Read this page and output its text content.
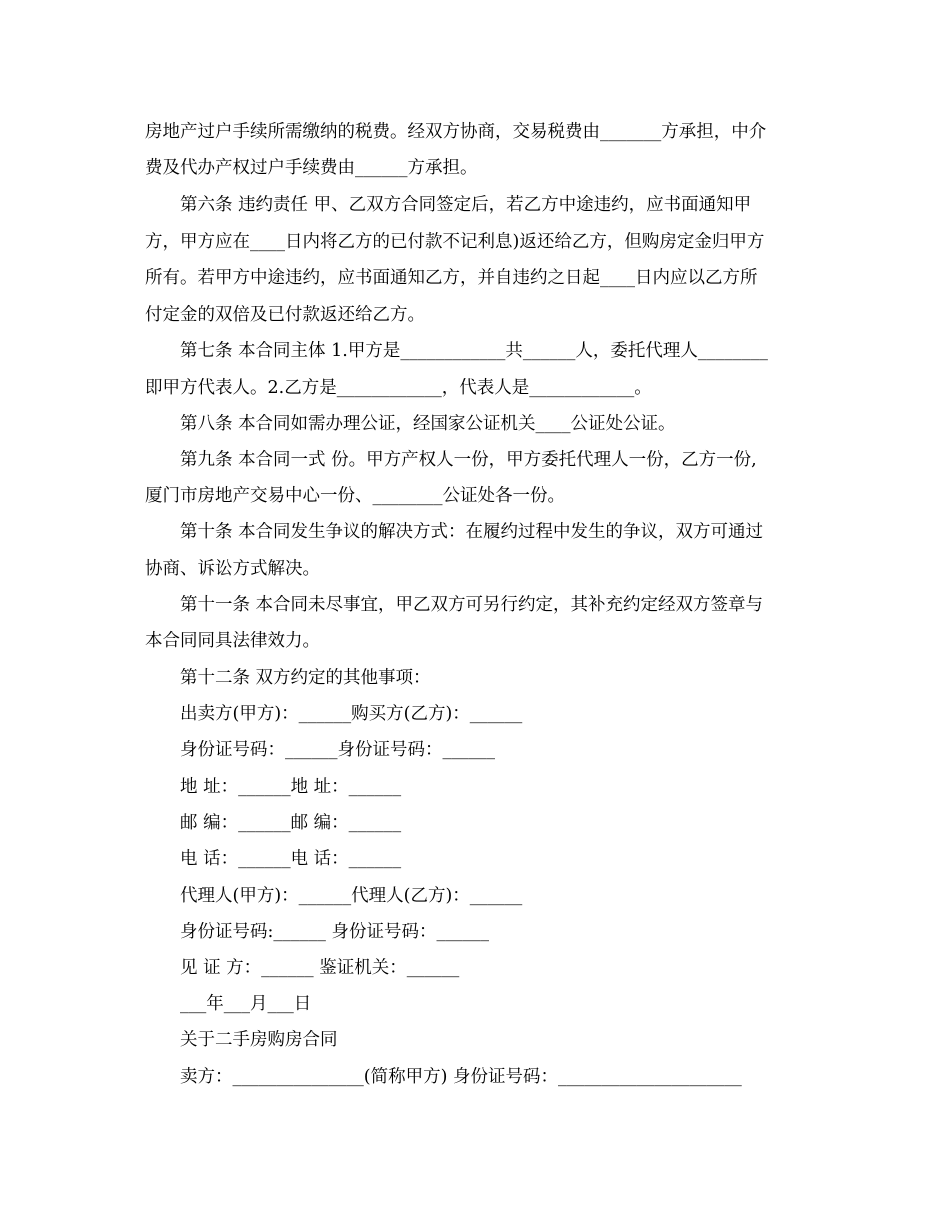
房地产过户手续所需缴纳的税费。经双方协商，交易税费由_______方承担，中介
费及代办产权过户手续费由______方承担。
第六条 违约责任 甲、乙双方合同签定后，若乙方中途违约，应书面通知甲
方，甲方应在____日内将乙方的已付款不记利息)返还给乙方，但购房定金归甲方
所有。若甲方中途违约，应书面通知乙方，并自违约之日起____日内应以乙方所
付定金的双倍及已付款返还给乙方。
第七条 本合同主体 1.甲方是____________共______人，委托代理人________
即甲方代表人。2.乙方是____________，代表人是____________。
第八条 本合同如需办理公证，经国家公证机关____公证处公证。
第九条 本合同一式 份。甲方产权人一份，甲方委托代理人一份，乙方一份,
厦门市房地产交易中心一份、________公证处各一份。
第十条 本合同发生争议的解决方式：在履约过程中发生的争议，双方可通过
协商、诉讼方式解决。
第十一条 本合同未尽事宜，甲乙双方可另行约定，其补充约定经双方签章与
本合同同具法律效力。
第十二条 双方约定的其他事项：
出卖方(甲方)：______购买方(乙方)：______
身份证号码：______身份证号码：______
地 址：______地 址：______
邮 编：______邮 编：______
电 话：______电 话：______
代理人(甲方)：______代理人(乙方)：______
身份证号码:______ 身份证号码：______
见 证 方：______ 鉴证机关：______
___年___月___日
关于二手房购房合同
卖方：_______________(简称甲方) 身份证号码：_____________________
